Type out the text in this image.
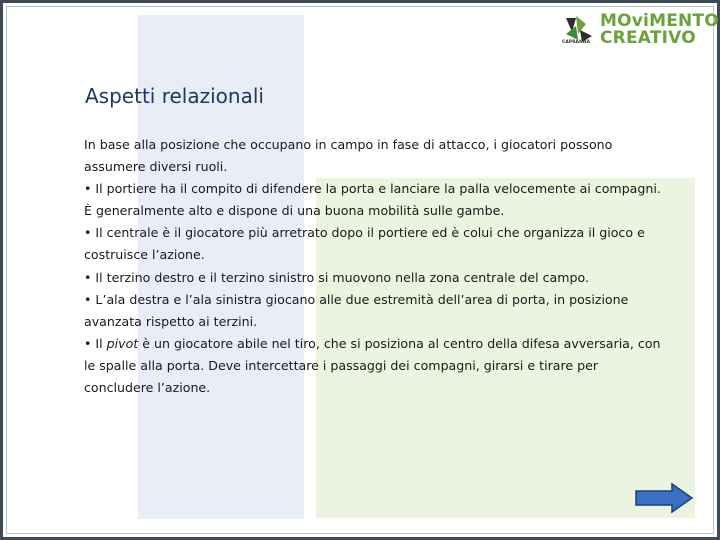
MOviMENTO
CREATIVO
CAPRANNA
Aspetti relazionali

In base alla posizione che occupano in campo in fase di attacco, i giocatori possono assumere diversi ruoli.

• Il portiere ha il compito di difendere la porta e lanciare la palla velocemente ai compagni. È generalmente alto e dispone di una buona mobilità sulle gambe.

• Il centrale è il giocatore più arretrato dopo il portiere ed è colui che organizza il gioco e costruisce l’azione.

• Il terzino destro e il terzino sinistro si muovono nella zona centrale del campo.

• L’ala destra e l’ala sinistra giocano alle due estremità dell’area di porta, in posizione avanzata rispetto ai terzini.

• Il pivot è un giocatore abile nel tiro, che si posiziona al centro della difesa avversaria, con le spalle alla porta. Deve intercettare i passaggi dei compagni, girarsi e tirare per concludere l’azione.
